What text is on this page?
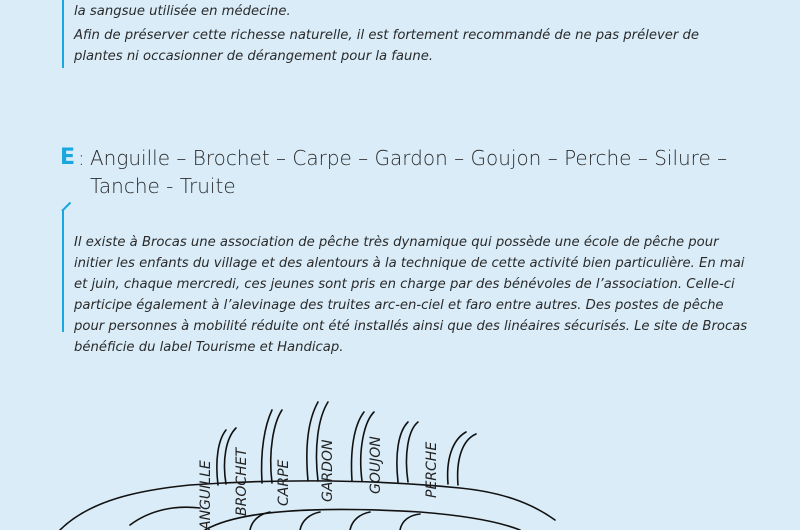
la sangsue utilisée en médecine.

Afin de préserver cette richesse naturelle, il est fortement recommandé de ne pas prélever de plantes ni occasionner de dérangement pour la faune.

E : Anguille – Brochet – Carpe – Gardon – Goujon – Perche – Silure – Tanche - Truite

Il existe à Brocas une association de pêche très dynamique qui possède une école de pêche pour initier les enfants du village et des alentours à la technique de cette activité bien particulière. En mai et juin, chaque mercredi, ces jeunes sont pris en charge par des bénévoles de l’association. Celle-ci participe également à l’alevinage des truites arc-en-ciel et faro entre autres. Des postes de pêche pour personnes à mobilité réduite ont été installés ainsi que des linéaires sécurisés. Le site de Brocas bénéficie du label Tourisme et Handicap.

ANGUILLE BROCHET CARPE GARDON GOUJON	PERCHE
